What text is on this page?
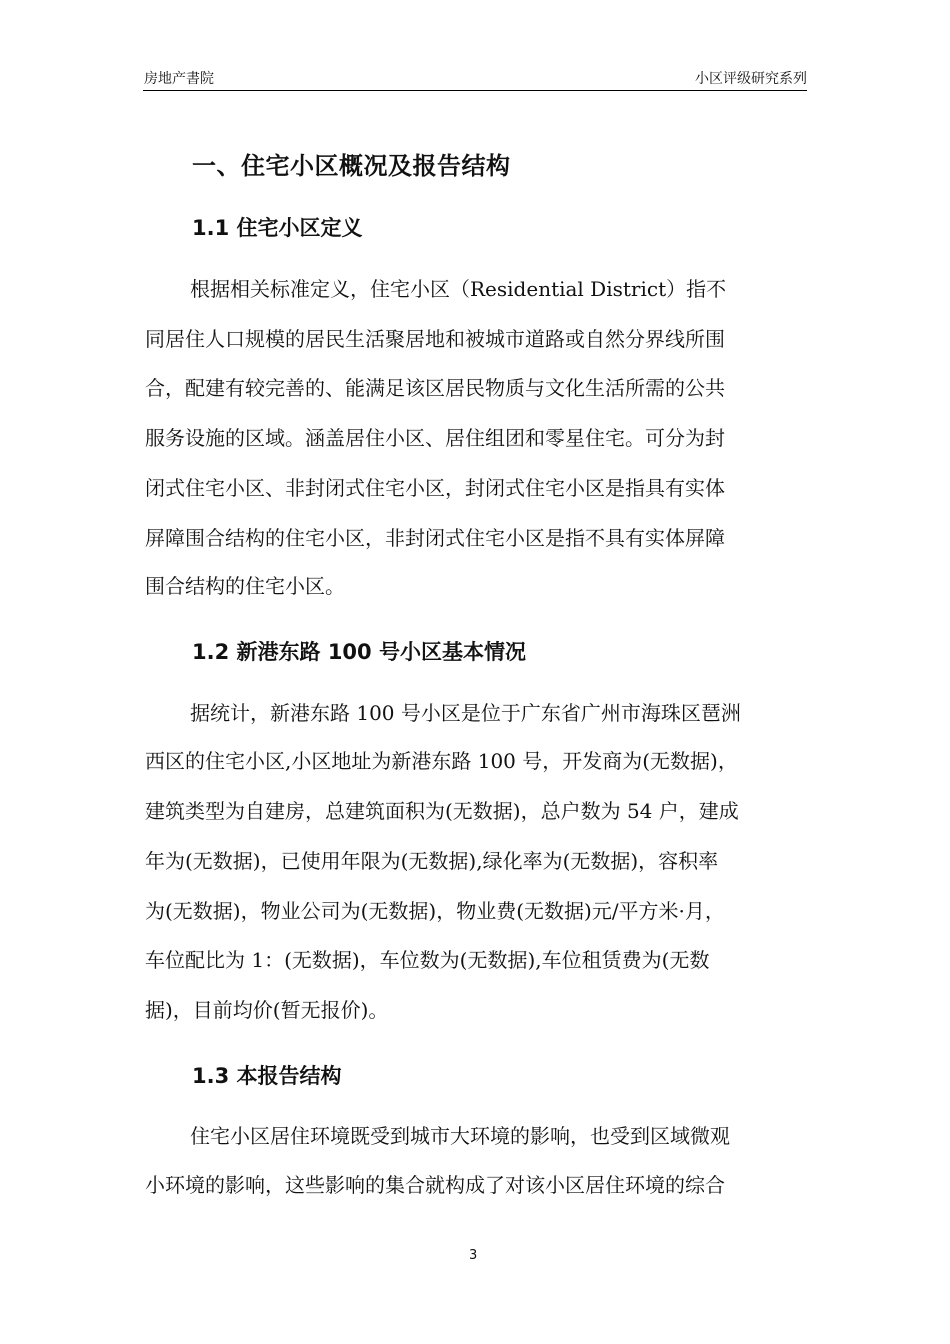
房地产書院	小区评级研究系列
一、住宅小区概况及报告结构
1.1 住宅小区定义
根据相关标准定义，住宅小区（Residential District）指不
同居住人口规模的居民生活聚居地和被城市道路或自然分界线所围
合，配建有较完善的、能满足该区居民物质与文化生活所需的公共
服务设施的区域。涵盖居住小区、居住组团和零星住宅。可分为封
闭式住宅小区、非封闭式住宅小区，封闭式住宅小区是指具有实体
屏障围合结构的住宅小区，非封闭式住宅小区是指不具有实体屏障
围合结构的住宅小区。
1.2 新港东路 100 号小区基本情况
据统计，新港东路 100 号小区是位于广东省广州市海珠区琶洲
西区的住宅小区,小区地址为新港东路 100 号，开发商为(无数据)，
建筑类型为自建房，总建筑面积为(无数据)，总户数为 54 户，建成
年为(无数据)，已使用年限为(无数据),绿化率为(无数据)，容积率
为(无数据)，物业公司为(无数据)，物业费(无数据)元/平方米·月，
车位配比为 1：(无数据)，车位数为(无数据),车位租赁费为(无数
据)，目前均价(暂无报价)。
1.3 本报告结构
住宅小区居住环境既受到城市大环境的影响，也受到区域微观
小环境的影响，这些影响的集合就构成了对该小区居住环境的综合
3
